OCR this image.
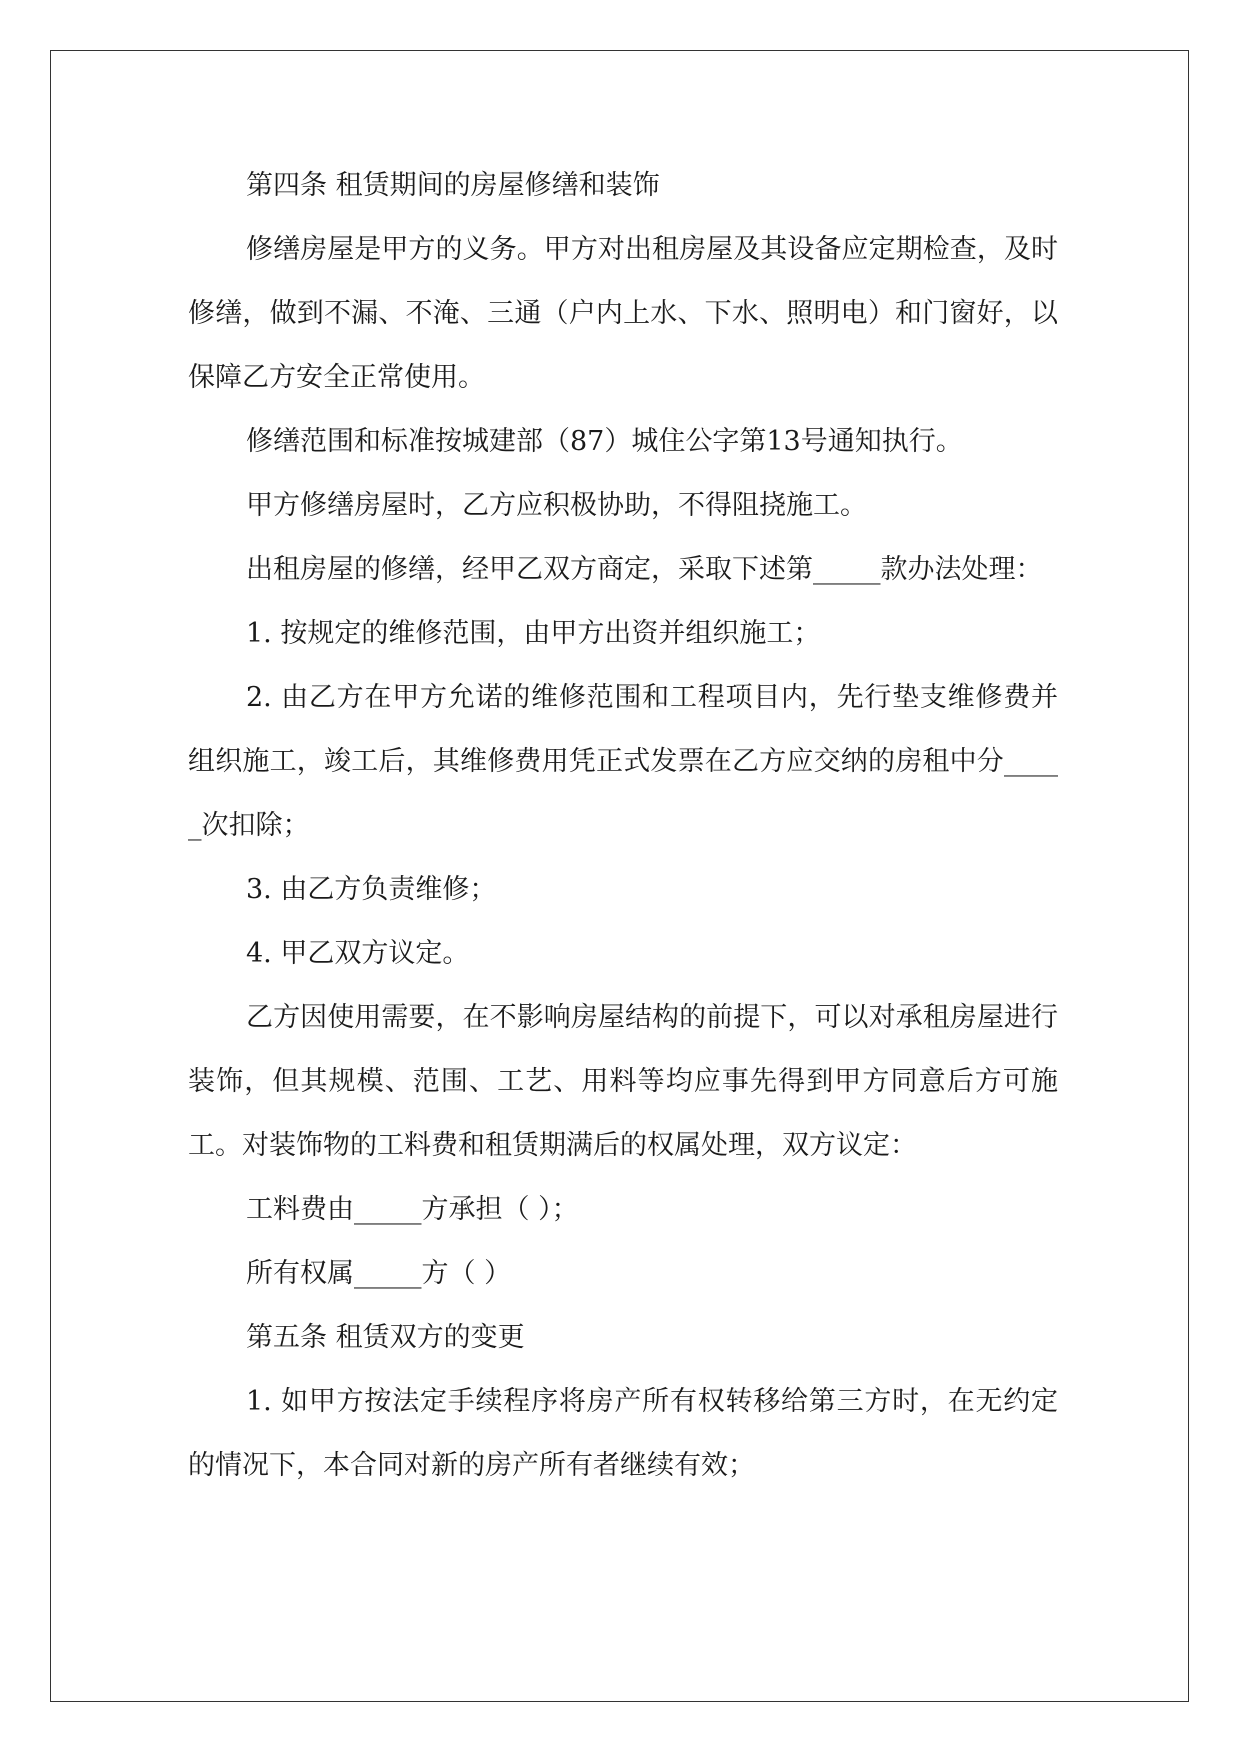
第四条 租赁期间的房屋修缮和装饰

修缮房屋是甲方的义务。甲方对出租房屋及其设备应定期检查，及时修缮，做到不漏、不淹、三通（户内上水、下水、照明电）和门窗好，以保障乙方安全正常使用。

修缮范围和标准按城建部（87）城住公字第13号通知执行。

甲方修缮房屋时，乙方应积极协助，不得阻挠施工。

出租房屋的修缮，经甲乙双方商定，采取下述第_____款办法处理：

1. 按规定的维修范围，由甲方出资并组织施工；

2. 由乙方在甲方允诺的维修范围和工程项目内，先行垫支维修费并组织施工，竣工后，其维修费用凭正式发票在乙方应交纳的房租中分_____次扣除；

3. 由乙方负责维修；

4. 甲乙双方议定。

乙方因使用需要，在不影响房屋结构的前提下，可以对承租房屋进行装饰，但其规模、范围、工艺、用料等均应事先得到甲方同意后方可施工。对装饰物的工料费和租赁期满后的权属处理，双方议定：

工料费由_____方承担（ ）；

所有权属_____方（ ）

第五条 租赁双方的变更

1. 如甲方按法定手续程序将房产所有权转移给第三方时，在无约定的情况下，本合同对新的房产所有者继续有效；
